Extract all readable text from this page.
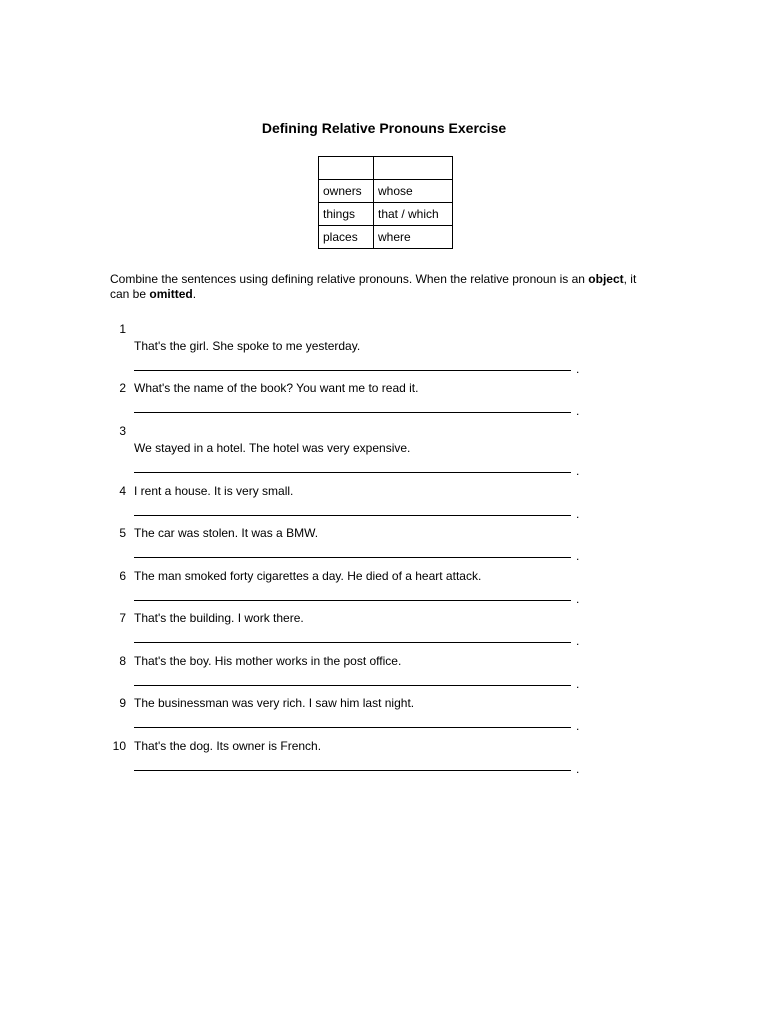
Defining Relative Pronouns Exercise

owners	whose
things	that / which
places	where
Combine the sentences using defining relative pronouns. When the relative pronoun is an object, it can be omitted.
1
That's the girl. She spoke to me yesterday.
.
2 What's the name of the book? You want me to read it.
.
3
We stayed in a hotel. The hotel was very expensive.
.
4 I rent a house. It is very small.
.
5 The car was stolen. It was a BMW.
.
6 The man smoked forty cigarettes a day. He died of a heart attack.
.
7 That's the building. I work there.
.
8 That's the boy. His mother works in the post office.
.
9 The businessman was very rich. I saw him last night.
.
10 That's the dog. Its owner is French.
.
